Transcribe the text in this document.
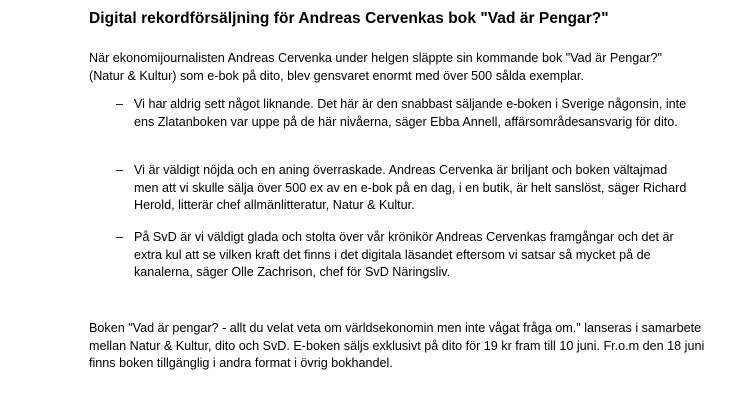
Digital rekordförsäljning för Andreas Cervenkas bok "Vad är Pengar?"

När ekonomijournalisten Andreas Cervenka under helgen släppte sin kommande bok "Vad är Pengar?" (Natur & Kultur) som e-bok på dito, blev gensvaret enormt med över 500 sålda exemplar.

– Vi har aldrig sett något liknande. Det här är den snabbast säljande e-boken i Sverige någonsin, inte ens Zlatanboken var uppe på de här nivåerna, säger Ebba Annell, affärsområdesansvarig för dito.
– Vi är väldigt nöjda och en aning överraskade. Andreas Cervenka är briljant och boken vältajmad men att vi skulle sälja över 500 ex av en e-bok på en dag, i en butik, är helt sanslöst, säger Richard Herold, litterär chef allmänlitteratur, Natur & Kultur.
– På SvD är vi väldigt glada och stolta över vår krönikör Andreas Cervenkas framgångar och det är extra kul att se vilken kraft det finns i det digitala läsandet eftersom vi satsar så mycket på de kanalerna, säger Olle Zachrison, chef för SvD Näringsliv.

Boken "Vad är pengar? - allt du velat veta om världsekonomin men inte vågat fråga om." lanseras i samarbete mellan Natur & Kultur, dito och SvD. E-boken säljs exklusivt på dito för 19 kr fram till 10 juni. Fr.o.m den 18 juni finns boken tillgänglig i andra format i övrig bokhandel.
